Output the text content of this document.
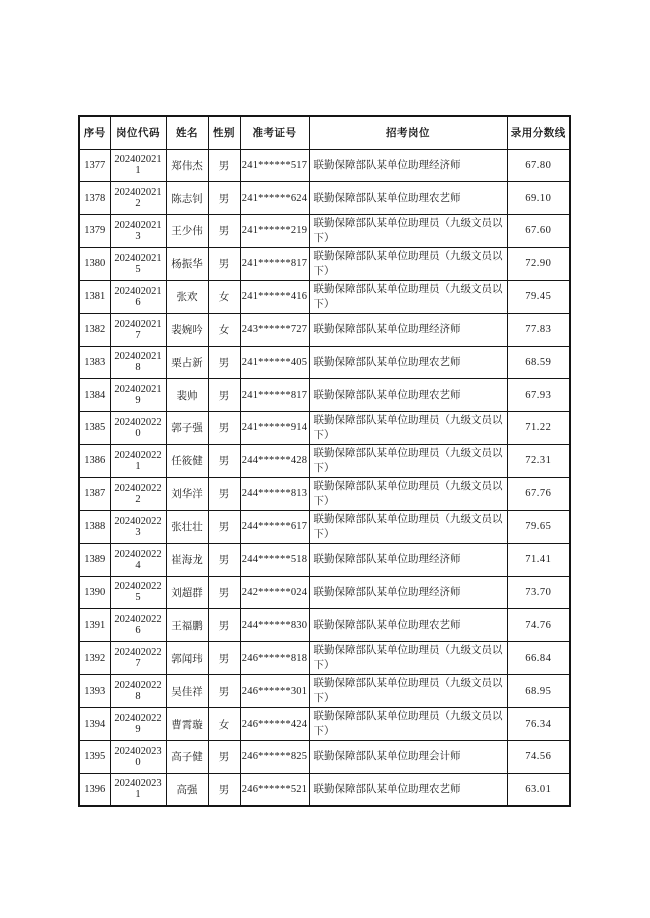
序号	岗位代码	姓名	性别	准考证号	招考岗位	录用分数线
1377	2024020211	郑伟杰	男	241******517	联勤保障部队某单位助理经济师	67.80
1378	2024020212	陈志钊	男	241******624	联勤保障部队某单位助理农艺师	69.10
1379	2024020213	王少伟	男	241******219	联勤保障部队某单位助理员（九级文员以下）	67.60
1380	2024020215	杨振华	男	241******817	联勤保障部队某单位助理员（九级文员以下）	72.90
1381	2024020216	张欢	女	241******416	联勤保障部队某单位助理员（九级文员以下）	79.45
1382	2024020217	裴婉吟	女	243******727	联勤保障部队某单位助理经济师	77.83
1383	2024020218	栗占新	男	241******405	联勤保障部队某单位助理农艺师	68.59
1384	2024020219	裴帅	男	241******817	联勤保障部队某单位助理农艺师	67.93
1385	2024020220	郭子强	男	241******914	联勤保障部队某单位助理员（九级文员以下）	71.22
1386	2024020221	任筱健	男	244******428	联勤保障部队某单位助理员（九级文员以下）	72.31
1387	2024020222	刘华洋	男	244******813	联勤保障部队某单位助理员（九级文员以下）	67.76
1388	2024020223	张壮壮	男	244******617	联勤保障部队某单位助理员（九级文员以下）	79.65
1389	2024020224	崔海龙	男	244******518	联勤保障部队某单位助理经济师	71.41
1390	2024020225	刘超群	男	242******024	联勤保障部队某单位助理经济师	73.70
1391	2024020226	王福鹏	男	244******830	联勤保障部队某单位助理农艺师	74.76
1392	2024020227	郭闻玮	男	246******818	联勤保障部队某单位助理员（九级文员以下）	66.84
1393	2024020228	吴佳祥	男	246******301	联勤保障部队某单位助理员（九级文员以下）	68.95
1394	2024020229	曹霄璇	女	246******424	联勤保障部队某单位助理员（九级文员以下）	76.34
1395	2024020230	高子健	男	246******825	联勤保障部队某单位助理会计师	74.56
1396	2024020231	高强	男	246******521	联勤保障部队某单位助理农艺师	63.01
